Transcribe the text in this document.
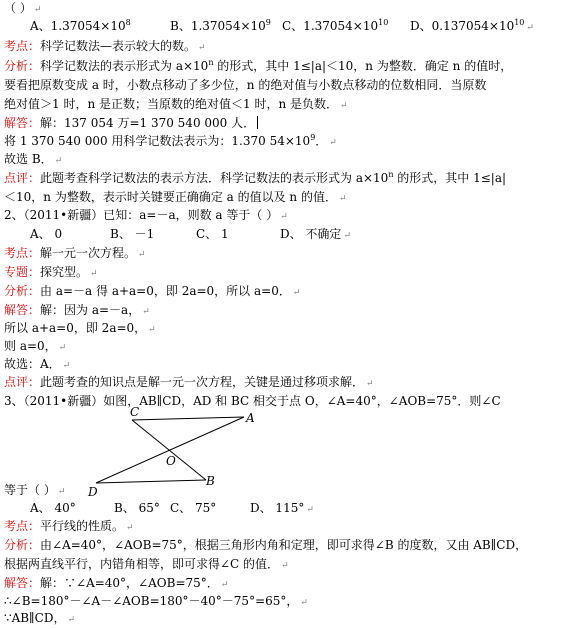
（ ） ↵
A、$1.37054\times 10^8$	B、$1.37054\times 10^9$ C、$1.37054\times 10^{10}$ D、$0.137054\times 10^{10}↵$
考点：科学记数法—表示较大的数。 ↵
分析：科学记数法的表示形式为 $a\times 10^n$ 的形式，其中 1≤|a|＜10，n 为整数．确定 n 的值时，
要看把原数变成 a 时，小数点移动了多少位，n 的绝对值与小数点移动的位数相同．当原数
绝对值＞1 时，n 是正数；当原数的绝对值＜1 时，n 是负数． ↵
解答：解：137 054 万=1 370 540 000 人．
将 1 370 540 000 用科学记数法表示为：1.370 $54\times 10^9$． ↵
故选 B． ↵
点评：此题考查科学记数法的表示方法．科学记数法的表示形式为 $a\times 10^n$ 的形式，其中 1≤|a|
＜10，n 为整数，表示时关键要正确确定 a 的值以及 n 的值． ↵
2、（2011•新疆）已知：a=－a，则数 a 等于（ ） ↵
A、 0	B、 －1	C、 1	D、 不确定 ↵
考点：解一元一次方程。 ↵
专题：探究型。 ↵
分析：由 a=－a 得 a+a=0，即 2a=0，所以 a=0． ↵
解答：解：因为 a=－a， ↵
所以 a+a=0，即 2a=0， ↵
则 a=0， ↵
故选：A． ↵
点评：此题考查的知识点是解一元一次方程，关键是通过移项求解． ↵
3、（2011•新疆）如图，AB∥CD，AD 和 BC 相交于点 O，∠A=40°，∠AOB=75°．则∠C
C	A
O
D
B
等于（ ） ↵
A、 40°	B、 65° C、 75°	D、 115° ↵
考点：平行线的性质。 ↵
分析：由∠A=40°，∠AOB=75°，根据三角形内角和定理，即可求得∠B 的度数，又由 AB∥CD，
根据两直线平行，内错角相等，即可求得∠C 的值． ↵
解答：解：∵∠A=40°，∠AOB=75°． ↵
∴∠B=180°－∠A－∠AOB=180°－40°－75°=65°， ↵
∵AB∥CD， ↵
